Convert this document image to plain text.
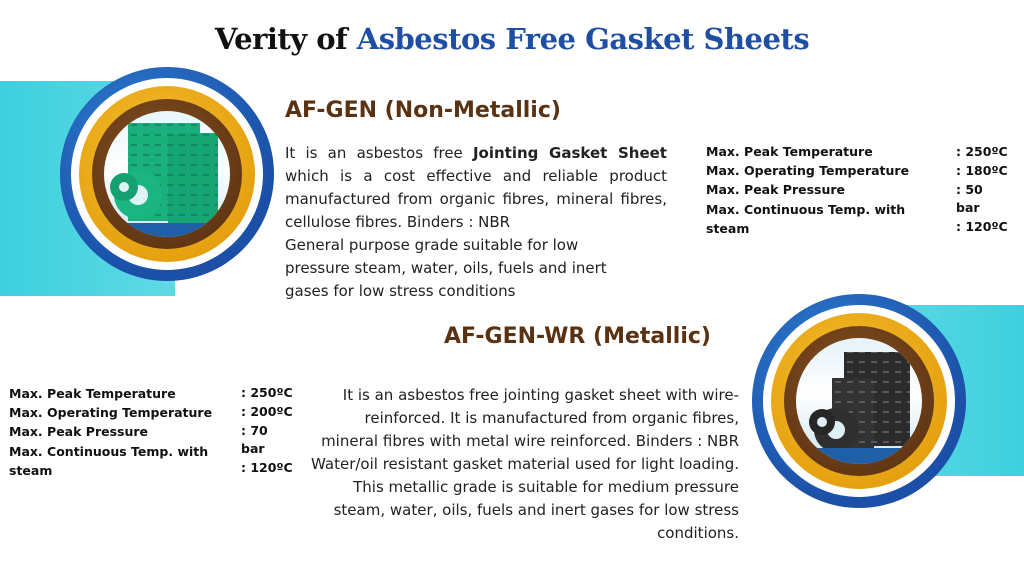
Verity of Asbestos Free Gasket Sheets
AF-GEN (Non-Metallic)

It is an asbestos free Jointing Gasket Sheet which is a cost effective and reliable product manufactured from organic fibres, mineral fibres, cellulose fibres. Binders : NBR

General purpose grade suitable for low pressure steam, water, oils, fuels and inert gases for low stress conditions

Max. Peak Temperature	: 250ºC
Max. Operating Temperature	: 180ºC
Max. Peak Pressure	: 50
bar
Max. Continuous Temp. with
steam	: 120ºC
AF-GEN-WR (Metallic)
Max. Peak Temperature	: 250ºC
Max. Operating Temperature : 200ºC
Max. Peak Pressure	: 70
bar
Max. Continuous Temp. with
steam	: 120ºC

It is an asbestos free jointing gasket sheet with wire-reinforced. It is manufactured from organic fibres, mineral fibres with metal wire reinforced. Binders : NBR

Water/oil resistant gasket material used for light loading. This metallic grade is suitable for medium pressure steam, water, oils, fuels and inert gases for low stress conditions.
